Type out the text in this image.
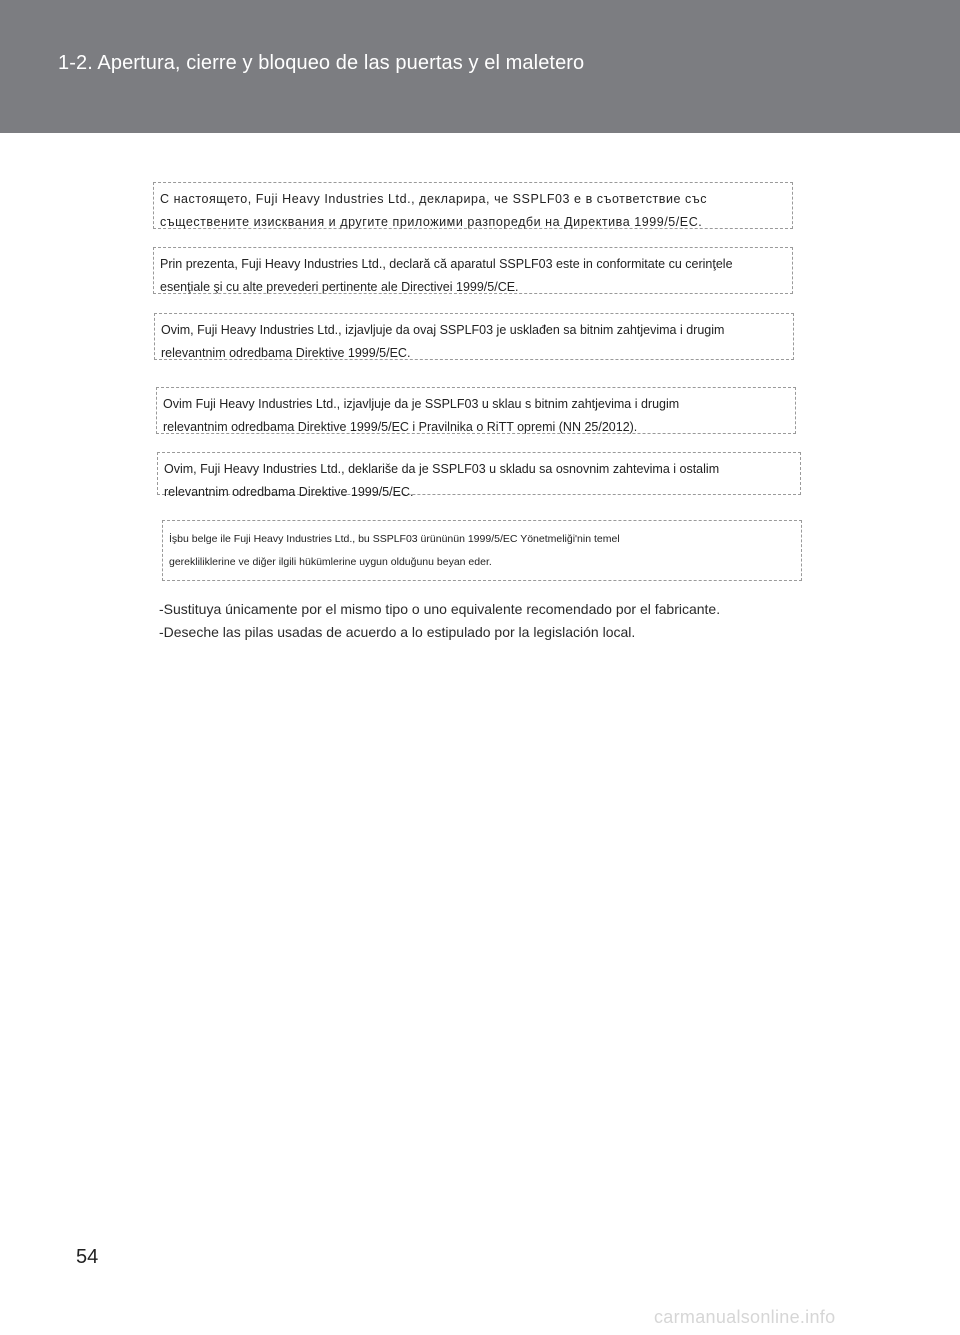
1-2. Apertura, cierre y bloqueo de las puertas y el maletero
С настоящето, Fuji Heavy Industries Ltd., декларира, че SSPLF03 е в съответствие със
съществените изисквания и другите приложими разпоредби на Директива 1999/5/ЕС.
Prin prezenta, Fuji Heavy Industries Ltd., declară că aparatul SSPLF03 este in conformitate cu cerinţele
esenţiale şi cu alte prevederi pertinente ale Directivei 1999/5/CE.
Ovim, Fuji Heavy Industries Ltd., izjavljuje da ovaj SSPLF03 je usklađen sa bitnim zahtjevima i drugim
relevantnim odredbama Direktive 1999/5/EC.
Ovim Fuji Heavy Industries Ltd., izjavljuje da je SSPLF03 u sklau s bitnim zahtjevima i drugim
relevantnim odredbama Direktive 1999/5/EC i Pravilnika o RiTT opremi (NN 25/2012).
Ovim, Fuji Heavy Industries Ltd., deklariše da je SSPLF03 u skladu sa osnovnim zahtevima i ostalim
relevantnim odredbama Direktive 1999/5/EC.
İşbu belge ile Fuji Heavy Industries Ltd., bu SSPLF03 ürününün 1999/5/EC Yönetmeliği'nin temel
gerekliliklerine ve diğer ilgili hükümlerine uygun olduğunu beyan eder.
-Sustituya únicamente por el mismo tipo o uno equivalente recomendado por el fabricante.
-Deseche las pilas usadas de acuerdo a lo estipulado por la legislación local.
54
carmanualsonline.info
